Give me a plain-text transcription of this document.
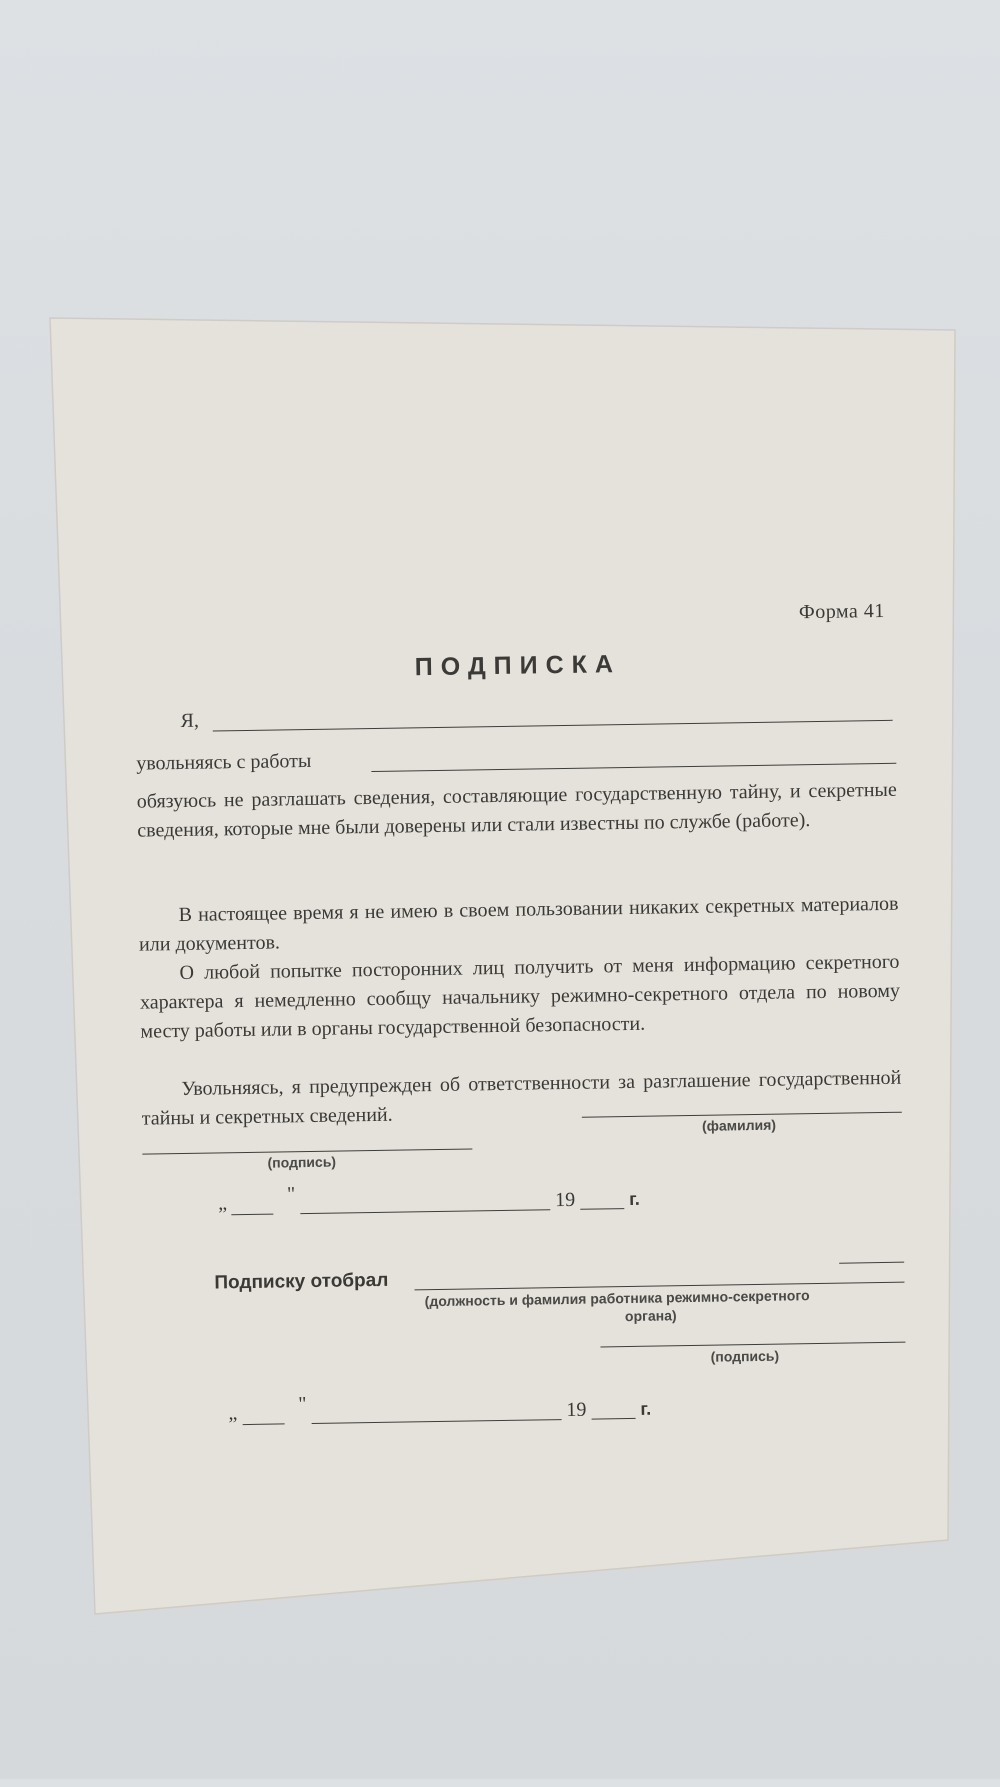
Форма 41
ПОДПИСКА
Я,
увольняясь с работы
обязуюсь не разглашать сведения, составляющие государственную тайну, и секретные сведения, которые мне были доверены или стали известны по службе (работе).
В настоящее время я не имею в своем пользовании никаких секретных материалов или документов.
О любой попытке посторонних лиц получить от меня информацию секретного характера я немедленно сообщу начальнику режимно-секретного отдела по новому месту работы или в органы государственной безопасности.
Увольняясь, я предупрежден об ответственности за разглашение государственной тайны и секретных сведений.
(подпись)
(фамилия)
„	"	19	г.
Подписку отобрал
(должность и фамилия работника режимно-секретного
органа)
(подпись)
„	"	19	г.
